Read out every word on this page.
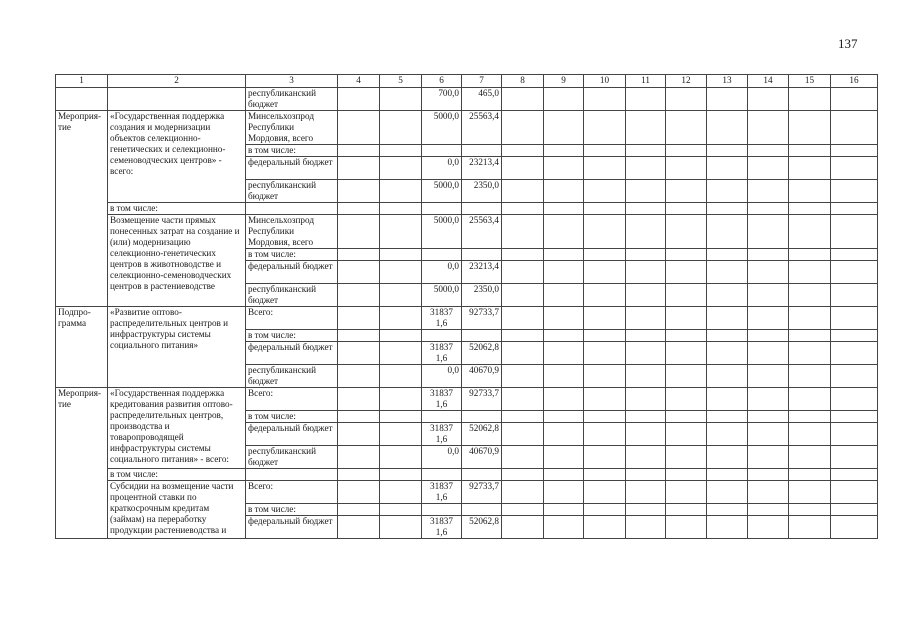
137
1	2	3	4	5	6	7	8	9	10	11	12	13	14	15	16
		республиканский бюджет			700,0	465,0									
Мероприя-тие	«Государственная поддержка создания и модернизации объектов селекционно-генетических и селекционно-семеноводческих центров» - всего:	Минсельхозпрод Республики Мордовия, всего			5000,0	25563,4									
		в том числе:													
		федеральный бюджет			0,0	23213,4									
		республиканский бюджет			5000,0	2350,0									
	в том числе:														
	Возмещение части прямых понесенных затрат на создание и (или) модернизацию селекционно-генетических центров в животноводстве и селекционно-семеноводческих центров в растениеводстве	Минсельхозпрод Республики Мордовия, всего			5000,0	25563,4									
		в том числе:													
		федеральный бюджет			0,0	23213,4									
		республиканский бюджет			5000,0	2350,0									
Подпро-грамма	«Развитие оптово-распределительных центров и инфраструктуры системы социального питания»	Всего:			31837 1,6	92733,7									
		в том числе:													
		федеральный бюджет			31837 1,6	52062,8									
		республиканский бюджет			0,0	40670,9									
Мероприя-тие	«Государственная поддержка кредитования развития оптово-распределительных центров, производства и товаропроводящей инфраструктуры системы социального питания» - всего:	Всего:			31837 1,6	92733,7									
		в том числе:													
		федеральный бюджет			31837 1,6	52062,8									
		республиканский бюджет			0,0	40670,9									
	в том числе:														
	Субсидии на возмещение части процентной ставки по краткосрочным кредитам (займам) на переработку продукции растениеводства и	Всего:			31837 1,6	92733,7									
		в том числе:													
		федеральный бюджет			31837 1,6	52062,8									
